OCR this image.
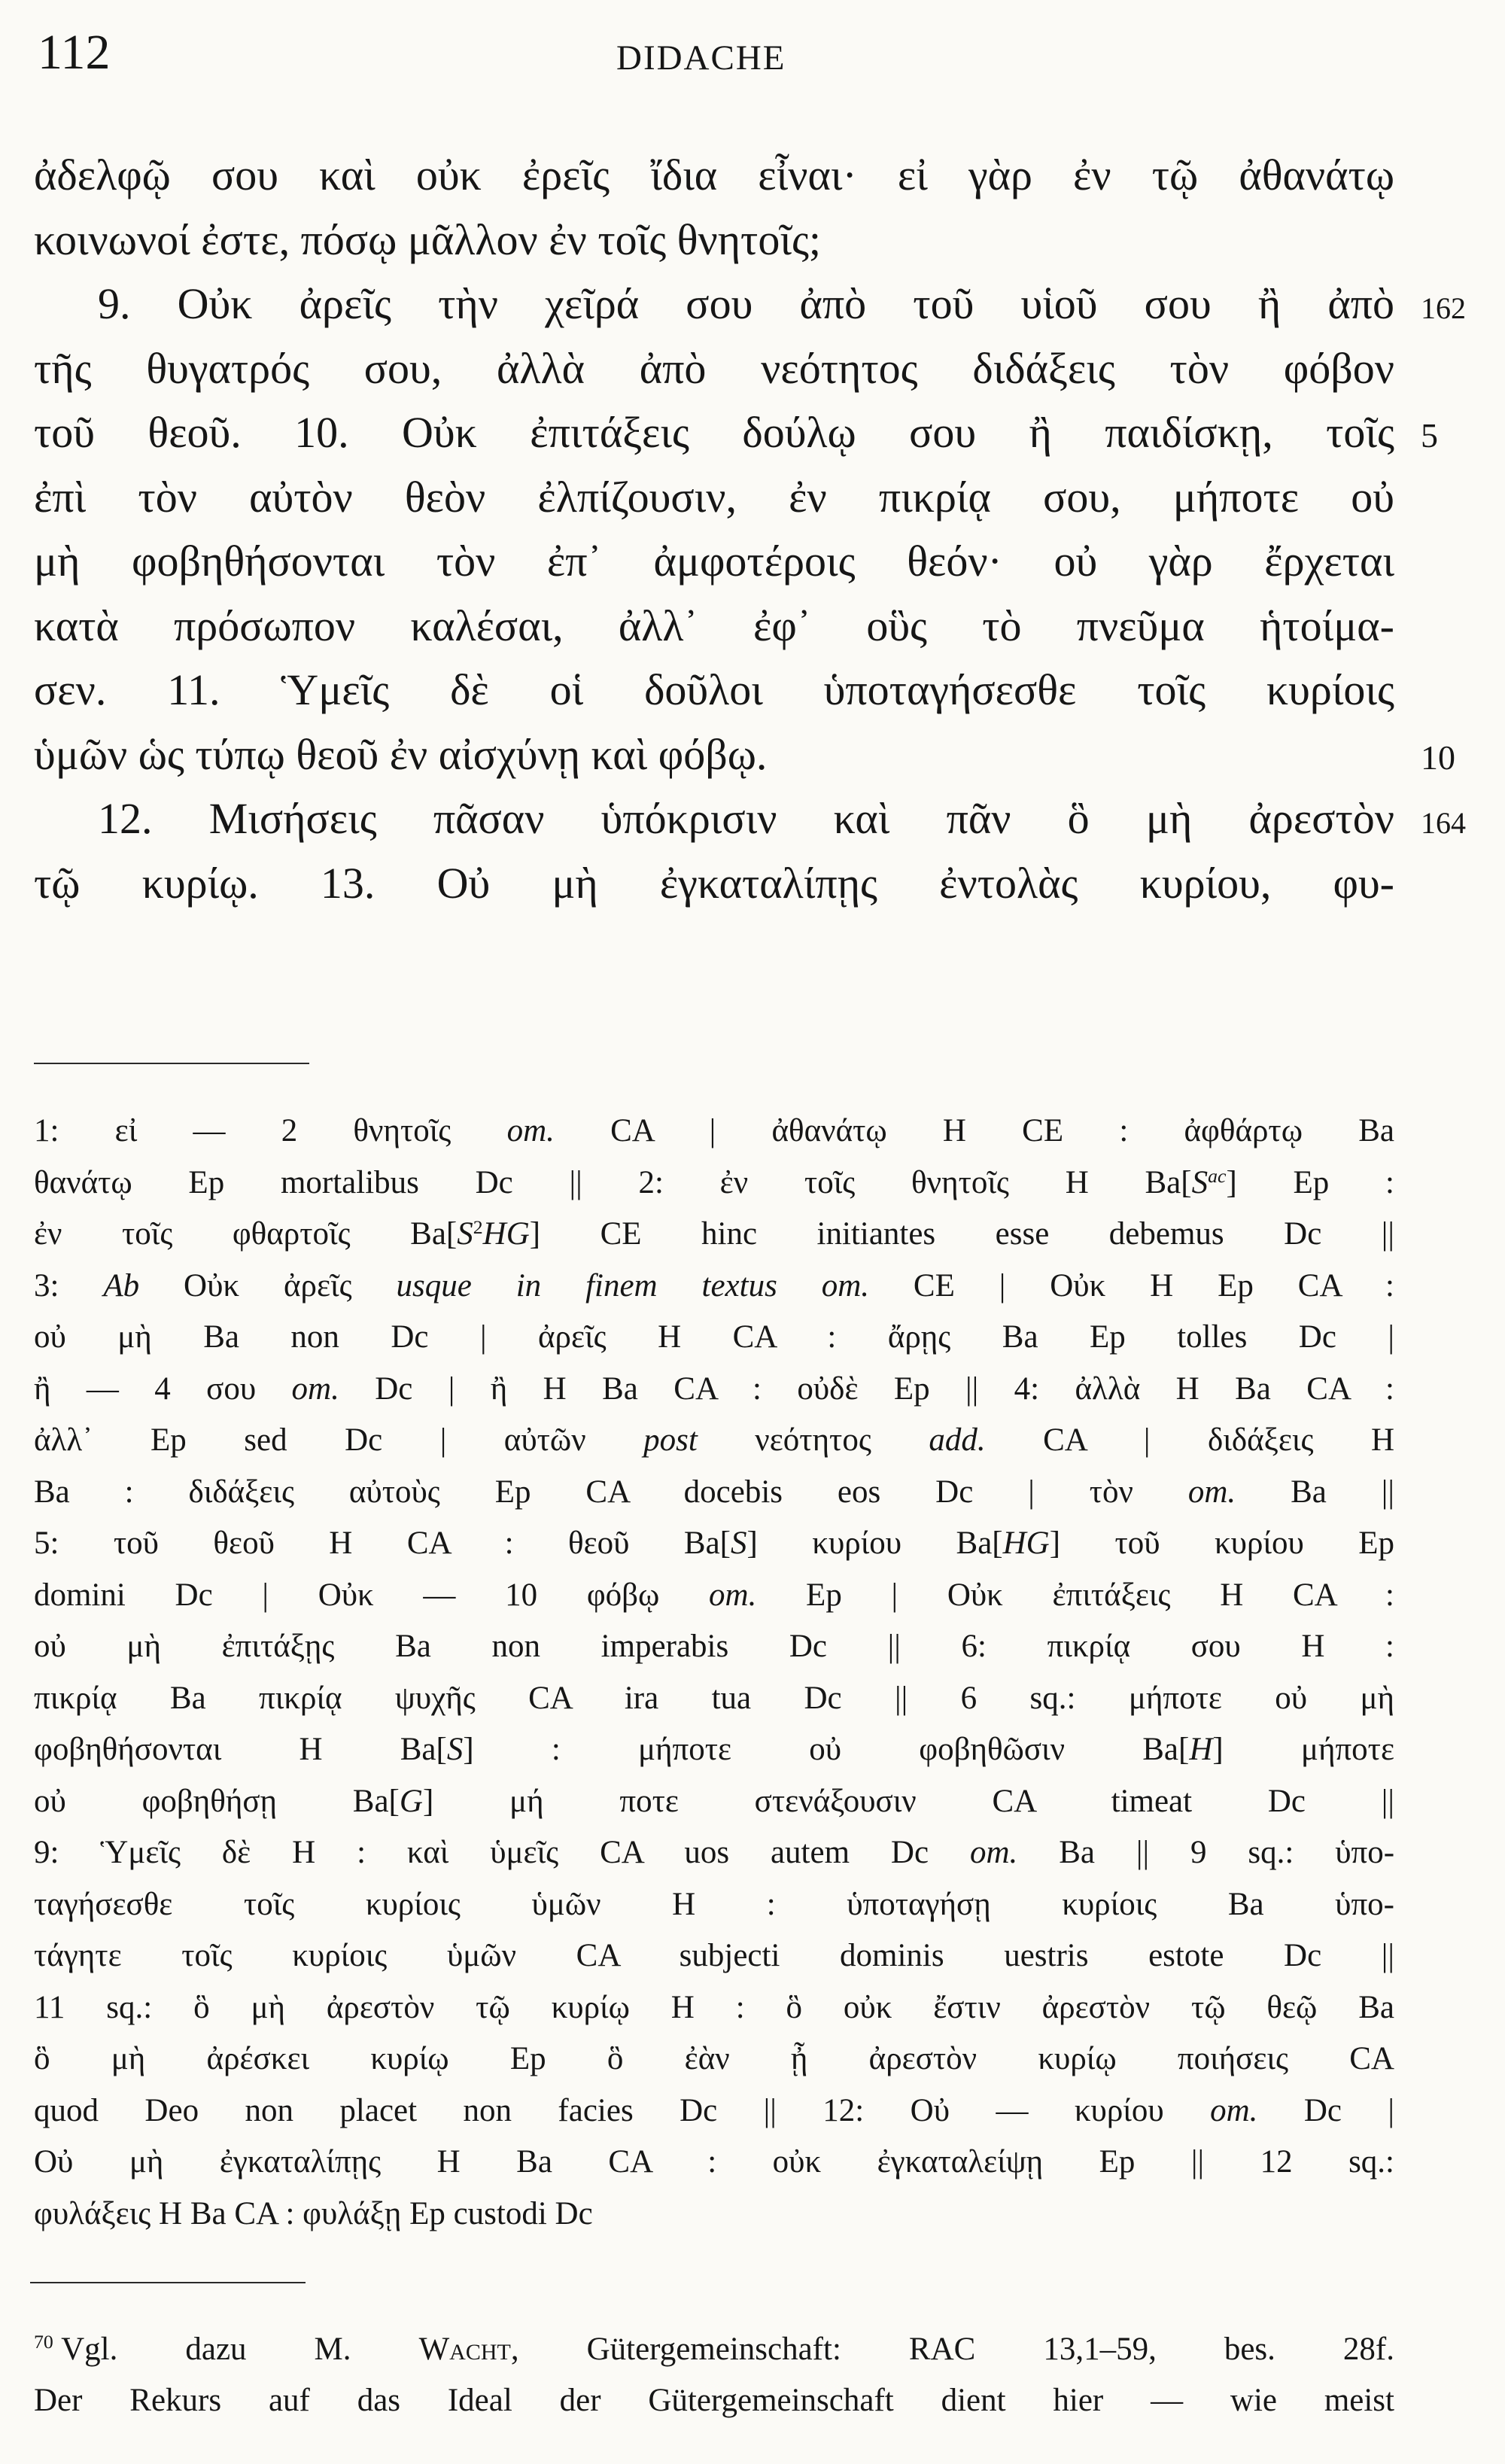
112	DIDACHE
ἀδελφῷ σου καὶ οὐκ ἐρεῖς ἴδια εἶναι· εἰ γὰρ ἐν τῷ ἀθανάτῳ
κοινωνοί ἐστε, πόσῳ μᾶλλον ἐν τοῖς θνητοῖς;
9. Οὐκ ἀρεῖς τὴν χεῖρά σου ἀπὸ τοῦ υἱοῦ σου ἢ ἀπὸ 162
τῆς θυγατρός σου, ἀλλὰ ἀπὸ νεότητος διδάξεις τὸν φόβον
τοῦ θεοῦ. 10. Οὐκ ἐπιτάξεις δούλῳ σου ἢ παιδίσκῃ, τοῖς 5
ἐπὶ τὸν αὐτὸν θεὸν ἐλπίζουσιν, ἐν πικρίᾳ σου, μήποτε οὐ
μὴ φοβηθήσονται τὸν ἐπ᾽ ἀμφοτέροις θεόν· οὐ γὰρ ἔρχεται
κατὰ πρόσωπον καλέσαι, ἀλλ᾽ ἐφ᾽ οὓς τὸ πνεῦμα ἡτοίμα-
σεν. 11. Ὑμεῖς δὲ οἱ δοῦλοι ὑποταγήσεσθε τοῖς κυρίοις
ὑμῶν ὡς τύπῳ θεοῦ ἐν αἰσχύνῃ καὶ φόβῳ.	10
12. Μισήσεις πᾶσαν ὑπόκρισιν καὶ πᾶν ὃ μὴ ἀρεστὸν 164
τῷ κυρίῳ. 13. Οὐ μὴ ἐγκαταλίπῃς ἐντολὰς κυρίου, φυ-
1: εἰ — 2 θνητοῖς om. CA | ἀθανάτῳ H CE : ἀφθάρτῳ Ba
θανάτῳ Ep mortalibus Dc || 2: ἐν τοῖς θνητοῖς H $Ba[S^{ac}]$ Ep :
ἐν τοῖς φθαρτοῖς $Ba[S^2HG]$ CE hinc initiantes esse debemus Dc ||
3: Ab Οὐκ ἀρεῖς usque in finem textus om. CE | Οὐκ H Ep CA :
οὐ μὴ Ba non Dc | ἀρεῖς H CA : ἄρῃς Ba Ep tolles Dc |
ἢ — 4 σου om. Dc | ἢ H Ba CA : οὐδὲ Ep || 4: ἀλλὰ H Ba CA :
ἀλλ᾽ Ep sed Dc | αὐτῶν post νεότητος add. CA | διδάξεις H
Ba : διδάξεις αὐτοὺς Ep CA docebis eos Dc | τὸν om. Ba ||
5: τοῦ θεοῦ H CA : θεοῦ Ba[S] κυρίου Ba[HG] τοῦ κυρίου Ep
domini Dc | Οὐκ — 10 φόβῳ om. Ep | Οὐκ ἐπιτάξεις H CA :
οὐ μὴ ἐπιτάξῃς Ba non imperabis Dc || 6: πικρίᾳ σου H :
πικρίᾳ Ba πικρίᾳ ψυχῆς CA ira tua Dc || 6 sq.: μήποτε οὐ μὴ
φοβηθήσονται H Ba[S] : μήποτε οὐ φοβηθῶσιν Ba[H] μήποτε
οὐ φοβηθήσῃ Ba[G] μή ποτε στενάξουσιν CA timeat Dc ||
9: Ὑμεῖς δὲ H : καὶ ὑμεῖς CA uos autem Dc om. Ba || 9 sq.: ὑπο-
ταγήσεσθε τοῖς κυρίοις ὑμῶν H : ὑποταγήσῃ κυρίοις Ba ὑπο-
τάγητε τοῖς κυρίοις ὑμῶν CA subjecti dominis uestris estote Dc ||
11 sq.: ὃ μὴ ἀρεστὸν τῷ κυρίῳ H : ὃ οὐκ ἔστιν ἀρεστὸν τῷ θεῷ Ba
ὃ μὴ ἀρέσκει κυρίῳ Ep ὃ ἐὰν ᾖ ἀρεστὸν κυρίῳ ποιήσεις CA
quod Deo non placet non facies Dc || 12: Οὐ — κυρίου om. Dc |
Οὐ μὴ ἐγκαταλίπῃς H Ba CA : οὐκ ἐγκαταλείψῃ Ep || 12 sq.:
φυλάξεις H Ba CA : φυλάξῃ Ep custodi Dc
$^{70}$ Vgl. dazu M. Wacht, Gütergemeinschaft: RAC 13,1–59, bes. 28f.
Der Rekurs auf das Ideal der Gütergemeinschaft dient hier — wie meist
